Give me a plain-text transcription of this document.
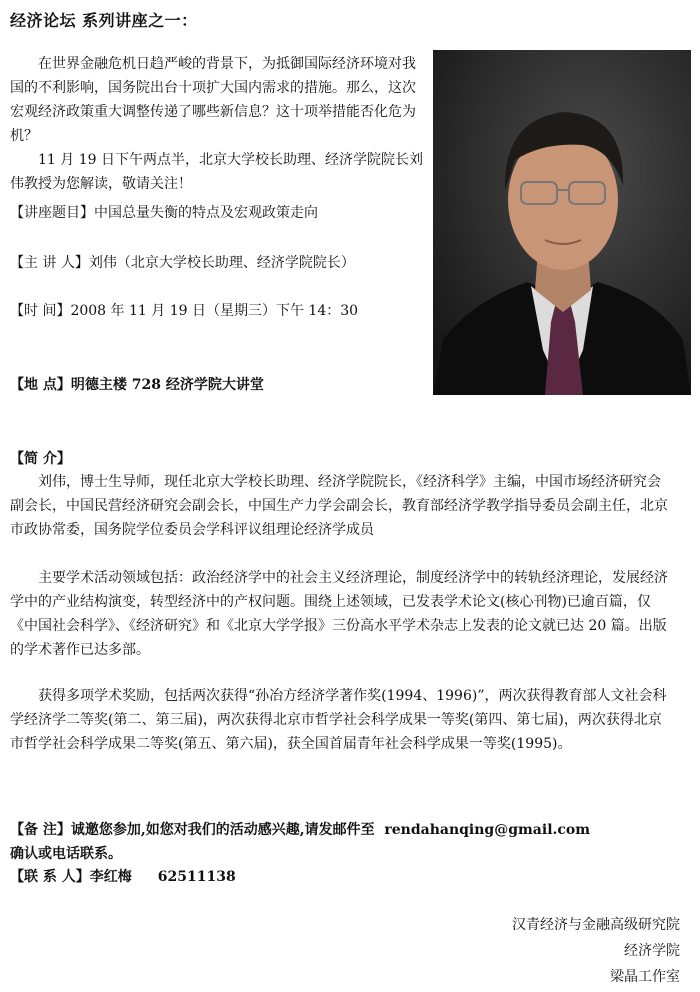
经济论坛 系列讲座之一：

在世界金融危机日趋严峻的背景下，为抵御国际经济环境对我国的不利影响，国务院出台十项扩大国内需求的措施。那么，这次宏观经济政策重大调整传递了哪些新信息？这十项举措能否化危为机？

11 月 19 日下午两点半，北京大学校长助理、经济学院院长刘伟教授为您解读，敬请关注！

【讲座题目】中国总量失衡的特点及宏观政策走向
【主 讲 人】刘伟（北京大学校长助理、经济学院院长）
【时 间】2008 年 11 月 19 日（星期三）下午 14：30
【地 点】明德主楼 728 经济学院大讲堂
【简 介】

刘伟，博士生导师，现任北京大学校长助理、经济学院院长，《经济科学》主编，中国市场经济研究会副会长，中国民营经济研究会副会长，中国生产力学会副会长，教育部经济学教学指导委员会副主任，北京市政协常委，国务院学位委员会学科评议组理论经济学成员

主要学术活动领域包括：政治经济学中的社会主义经济理论，制度经济学中的转轨经济理论，发展经济学中的产业结构演变，转型经济中的产权问题。围绕上述领域，已发表学术论文(核心刊物)已逾百篇，仅《中国社会科学》、《经济研究》和《北京大学学报》三份高水平学术杂志上发表的论文就已达 20 篇。出版的学术著作已达多部。

获得多项学术奖励，包括两次获得“孙冶方经济学著作奖(1994、1996)”，两次获得教育部人文社会科学经济学二等奖(第二、第三届)，两次获得北京市哲学社会科学成果一等奖(第四、第七届)，两次获得北京市哲学社会科学成果二等奖(第五、第六届)，获全国首届青年社会科学成果一等奖(1995)。

【备 注】诚邀您参加,如您对我们的活动感兴趣,请发邮件至 rendahanqing@gmail.com
确认或电话联系。
【联 系 人】李红梅 62511138
汉青经济与金融高级研究院
经济学院
梁晶工作室
